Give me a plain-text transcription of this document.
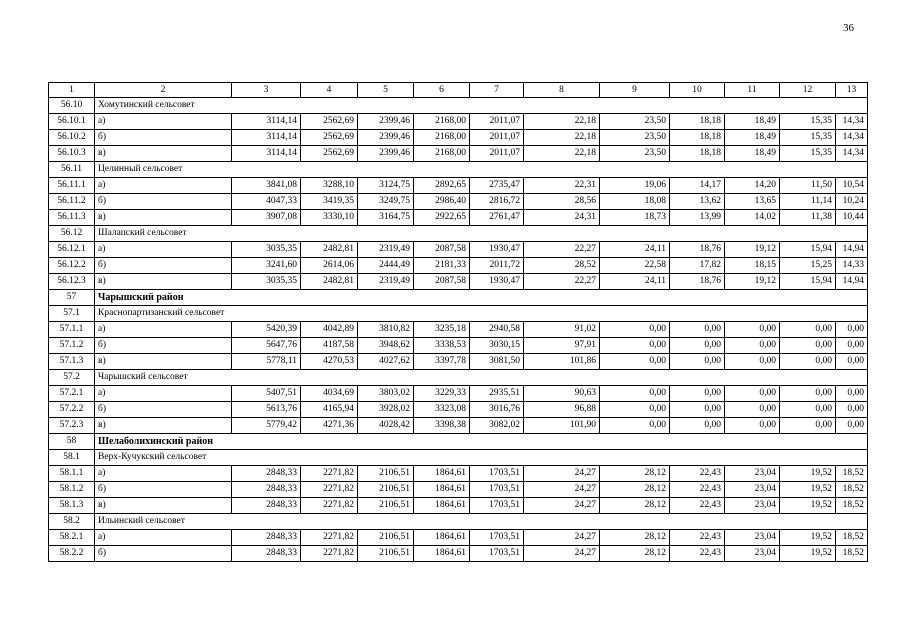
36
1	2	3	4	5	6	7	8	9	10	11	12	13
56.10	Хомутинский сельсовет											
56.10.1	а)	3114,14	2562,69	2399,46	2168,00	2011,07	22,18	23,50	18,18	18,49	15,35	14,34
56.10.2	б)	3114,14	2562,69	2399,46	2168,00	2011,07	22,18	23,50	18,18	18,49	15,35	14,34
56.10.3	в)	3114,14	2562,69	2399,46	2168,00	2011,07	22,18	23,50	18,18	18,49	15,35	14,34
56.11	Целинный сельсовет											
56.11.1	а)	3841,08	3288,10	3124,75	2892,65	2735,47	22,31	19,06	14,17	14,20	11,50	10,54
56.11.2	б)	4047,33	3419,35	3249,75	2986,40	2816,72	28,56	18,08	13,62	13,65	11,14	10,24
56.11.3	в)	3907,08	3330,10	3164,75	2922,65	2761,47	24,31	18,73	13,99	14,02	11,38	10,44
56.12	Шалапский сельсовет											
56.12.1	а)	3035,35	2482,81	2319,49	2087,58	1930,47	22,27	24,11	18,76	19,12	15,94	14,94
56.12.2	б)	3241,60	2614,06	2444,49	2181,33	2011,72	28,52	22,58	17,82	18,15	15,25	14,33
56.12.3	в)	3035,35	2482,81	2319,49	2087,58	1930,47	22,27	24,11	18,76	19,12	15,94	14,94
57	Чарышский район											
57.1	Краснопартизанский сельсовет											
57.1.1	а)	5420,39	4042,89	3810,82	3235,18	2940,58	91,02	0,00	0,00	0,00	0,00	0,00
57.1.2	б)	5647,76	4187,58	3948,62	3338,53	3030,15	97,91	0,00	0,00	0,00	0,00	0,00
57.1.3	в)	5778,11	4270,53	4027,62	3397,78	3081,50	101,86	0,00	0,00	0,00	0,00	0,00
57.2	Чарышский сельсовет											
57.2.1	а)	5407,51	4034,69	3803,02	3229,33	2935,51	90,63	0,00	0,00	0,00	0,00	0,00
57.2.2	б)	5613,76	4165,94	3928,02	3323,08	3016,76	96,88	0,00	0,00	0,00	0,00	0,00
57.2.3	в)	5779,42	4271,36	4028,42	3398,38	3082,02	101,90	0,00	0,00	0,00	0,00	0,00
58	Шелаболихинский район											
58.1	Верх-Кучукский сельсовет											
58.1.1	а)	2848,33	2271,82	2106,51	1864,61	1703,51	24,27	28,12	22,43	23,04	19,52	18,52
58.1.2	б)	2848,33	2271,82	2106,51	1864,61	1703,51	24,27	28,12	22,43	23,04	19,52	18,52
58.1.3	в)	2848,33	2271,82	2106,51	1864,61	1703,51	24,27	28,12	22,43	23,04	19,52	18,52
58.2	Ильинский сельсовет											
58.2.1	а)	2848,33	2271,82	2106,51	1864,61	1703,51	24,27	28,12	22,43	23,04	19,52	18,52
58.2.2	б)	2848,33	2271,82	2106,51	1864,61	1703,51	24,27	28,12	22,43	23,04	19,52	18,52
